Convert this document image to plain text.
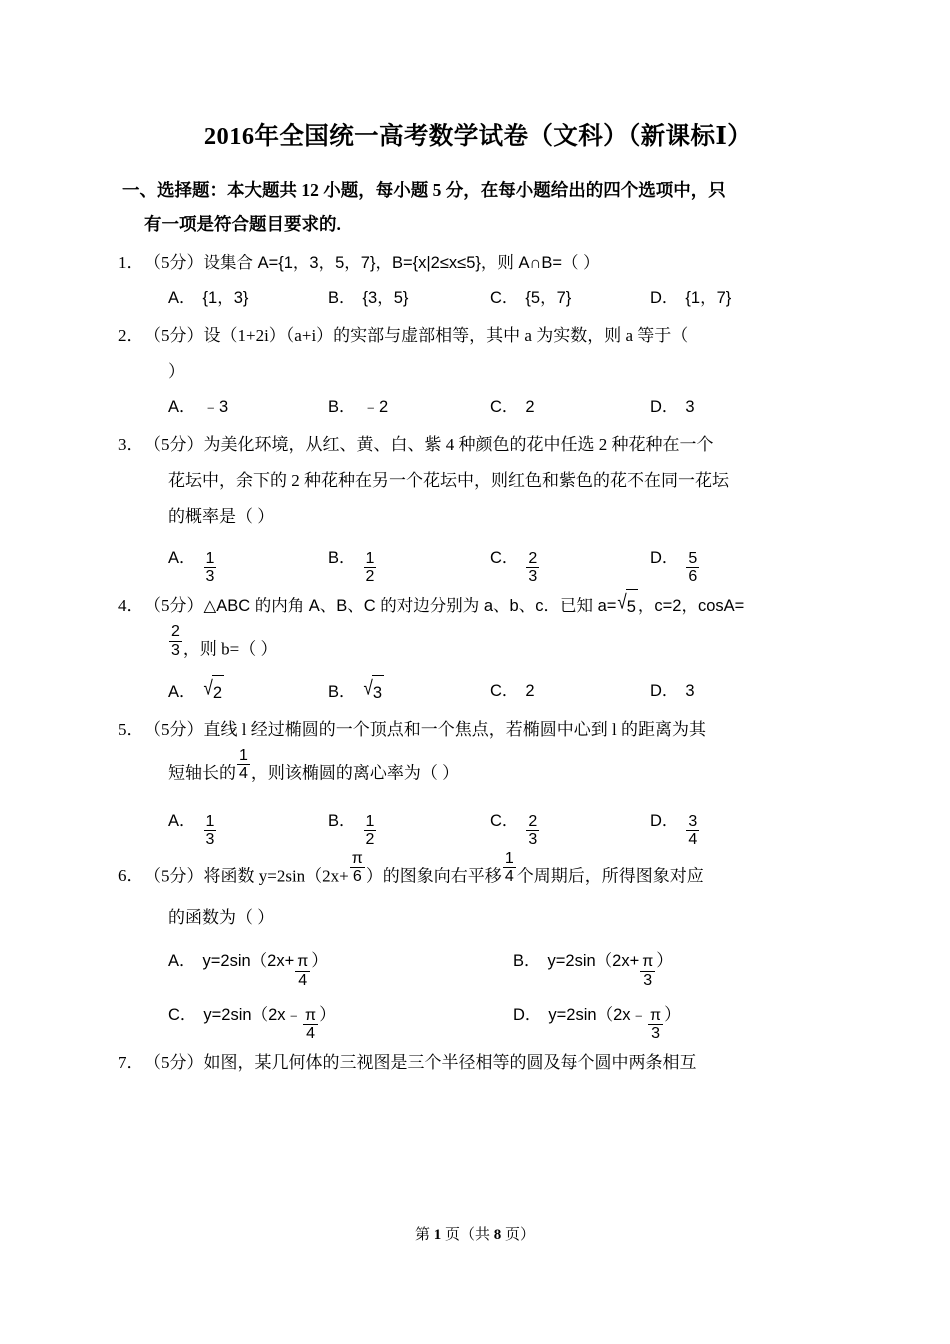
2016年全国统一高考数学试卷（文科）（新课标Ⅰ）
一、选择题：本大题共 12 小题，每小题 5 分，在每小题给出的四个选项中，只
有一项是符合题目要求的.
1．（5分）设集合 A={1，3，5，7}，B={x|2≤x≤5}，则 A∩B=（ ）
A． {1，3}	B． {3，5}	C． {5，7}	D． {1，7}
2．（5分）设（1+2i）（a+i）的实部与虚部相等，其中 a 为实数，则 a 等于（
）
A． ﹣3	B． ﹣2	C． 2	D． 3
3．（5分）为美化环境，从红、黄、白、紫 4 种颜色的花中任选 2 种花种在一个
花坛中，余下的 2 种花种在另一个花坛中，则红色和紫色的花不在同一花坛
的概率是（ ）
A． $\frac{1}{3}$	B． $\frac{1}{2}$	C． $\frac{2}{3}$	D． $\frac{5}{6}$
4．（5分）△ABC 的内角 A、B、C 的对边分别为 a、b、c．已知 a=√5 ，c=2，cosA=
$\frac{2}{3}$ ，则 b=（ ）
A． √2	B． √3	C． 2	D． 3
5．（5分）直线 l 经过椭圆的一个顶点和一个焦点，若椭圆中心到 l 的距离为其
短轴长的 $\frac{1}{4}$ ，则该椭圆的离心率为（ ）
A． $\frac{1}{3}$	B． $\frac{1}{2}$	C． $\frac{2}{3}$	D． $\frac{3}{4}$
6．（5分）将函数 $y=2\sin(2x+ \frac{\pi}{6}$ ）的图象向右平移 $\frac{1}{4}$ 个周期后，所得图象对应
的函数为（ ）
A． $y=2\sin(2x+ \frac{\pi}{4}$ ）	B． $y=2\sin(2x+ \frac{\pi}{3}$ ）
C． y=2sin（2x﹣ $\frac{\pi}{4}$ ）	D． y=2sin（2x﹣ $\frac{\pi}{3}$ ）
7．（5分）如图，某几何体的三视图是三个半径相等的圆及每个圆中两条相互
第 1 页（共 8 页）
